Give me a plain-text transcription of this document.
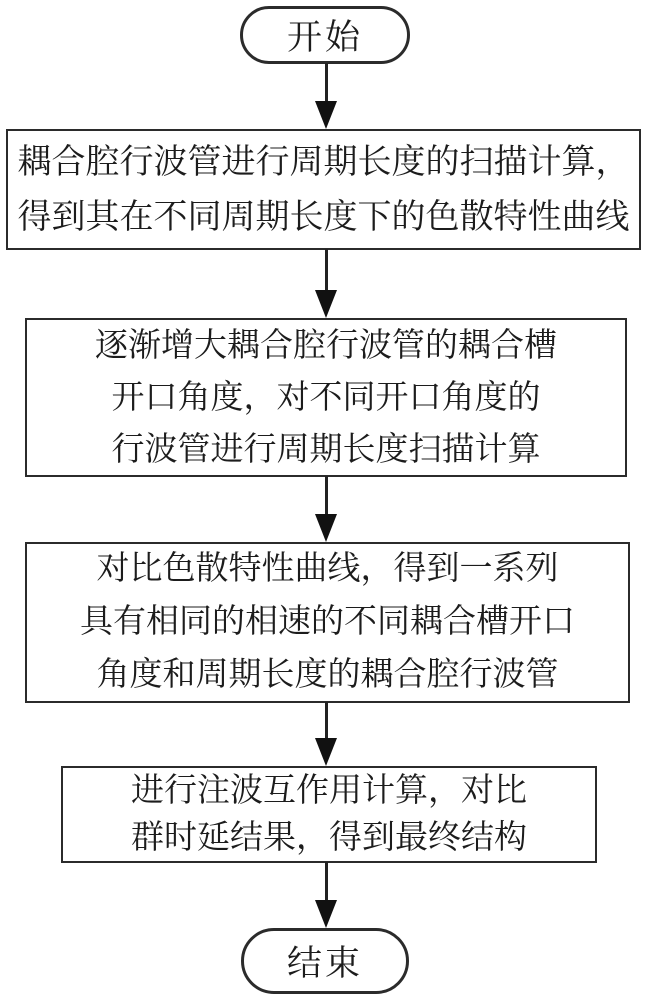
开始
耦合腔行波管进行周期长度的扫描计算，
得到其在不同周期长度下的色散特性曲线
逐渐增大耦合腔行波管的耦合槽
开口角度，对不同开口角度的
行波管进行周期长度扫描计算
对比色散特性曲线，得到一系列
具有相同的相速的不同耦合槽开口
角度和周期长度的耦合腔行波管
进行注波互作用计算，对比
群时延结果，得到最终结构
结束
